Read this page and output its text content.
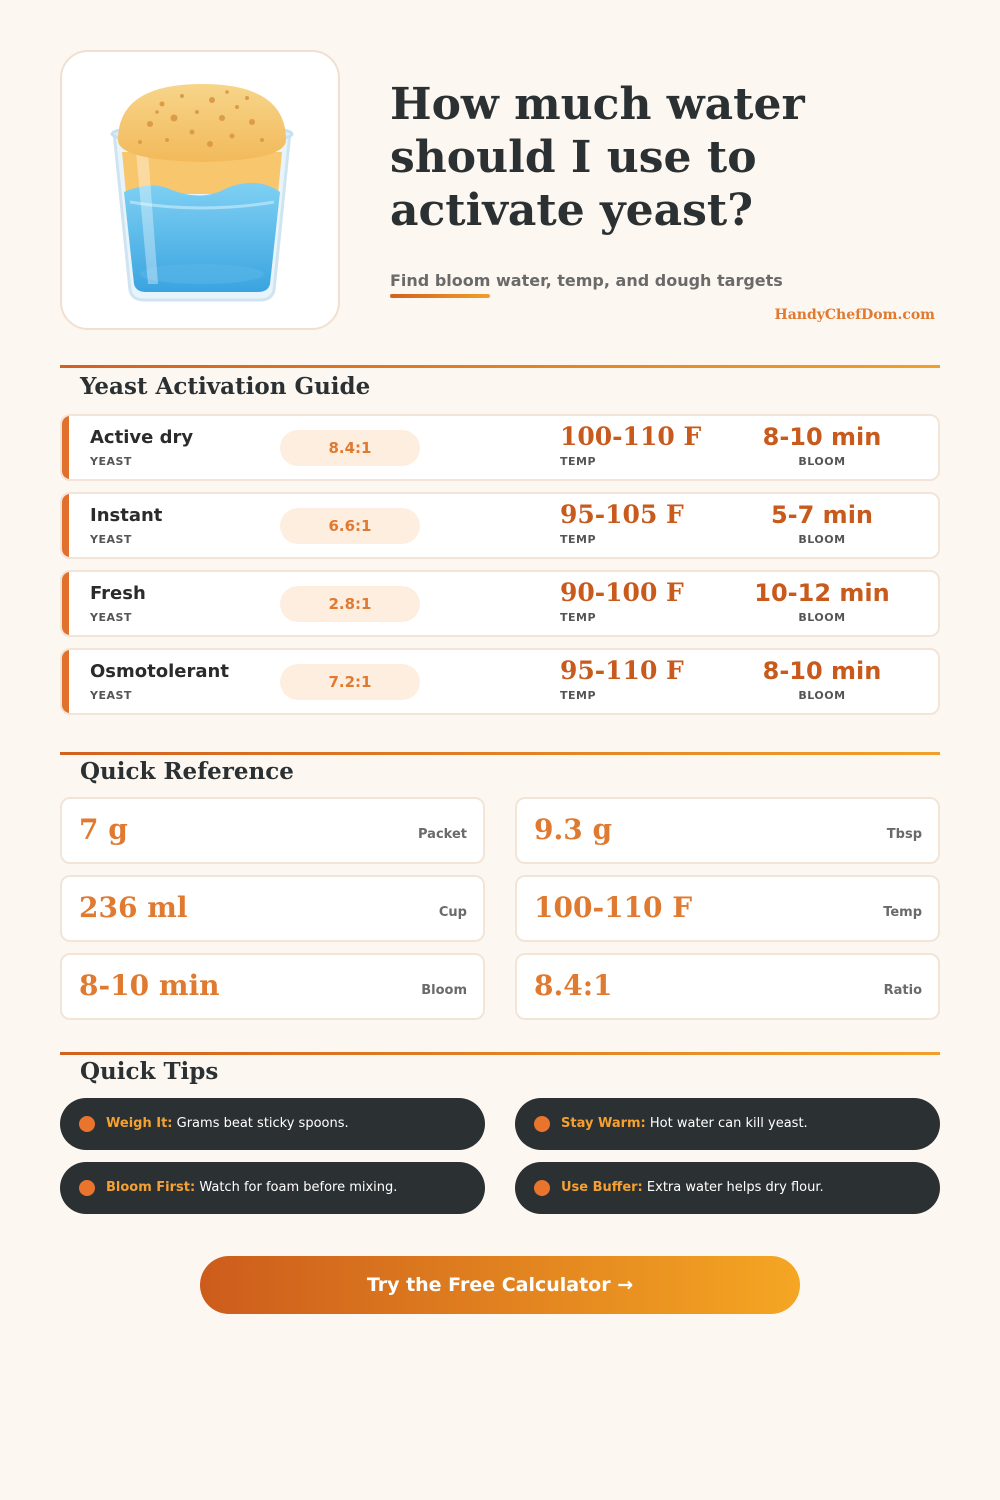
How much water should I use to activate yeast?
Find bloom water, temp, and dough targets
HandyChefDom.com
Yeast Activation Guide
Active dry
YEAST
8.4:1	100-110 F
TEMP
8-10 min
BLOOM
Instant
YEAST
6.6:1	95-105 F
TEMP
5-7 min
BLOOM
Fresh
YEAST
2.8:1	90-100 F
TEMP
10-12 min
BLOOM
Osmotolerant
YEAST
7.2:1	95-110 F
TEMP
8-10 min
BLOOM
Quick Reference
7 g	Packet 9.3 g	Tbsp
236 ml	Cup 100-110 F	Temp
8-10 min	Bloom 8.4:1	Ratio
Quick Tips
Weigh It: Grams beat sticky spoons.	Stay Warm: Hot water can kill yeast.
Bloom First: Watch for foam before mixing.	Use Buffer: Extra water helps dry flour.
Try the Free Calculator →
